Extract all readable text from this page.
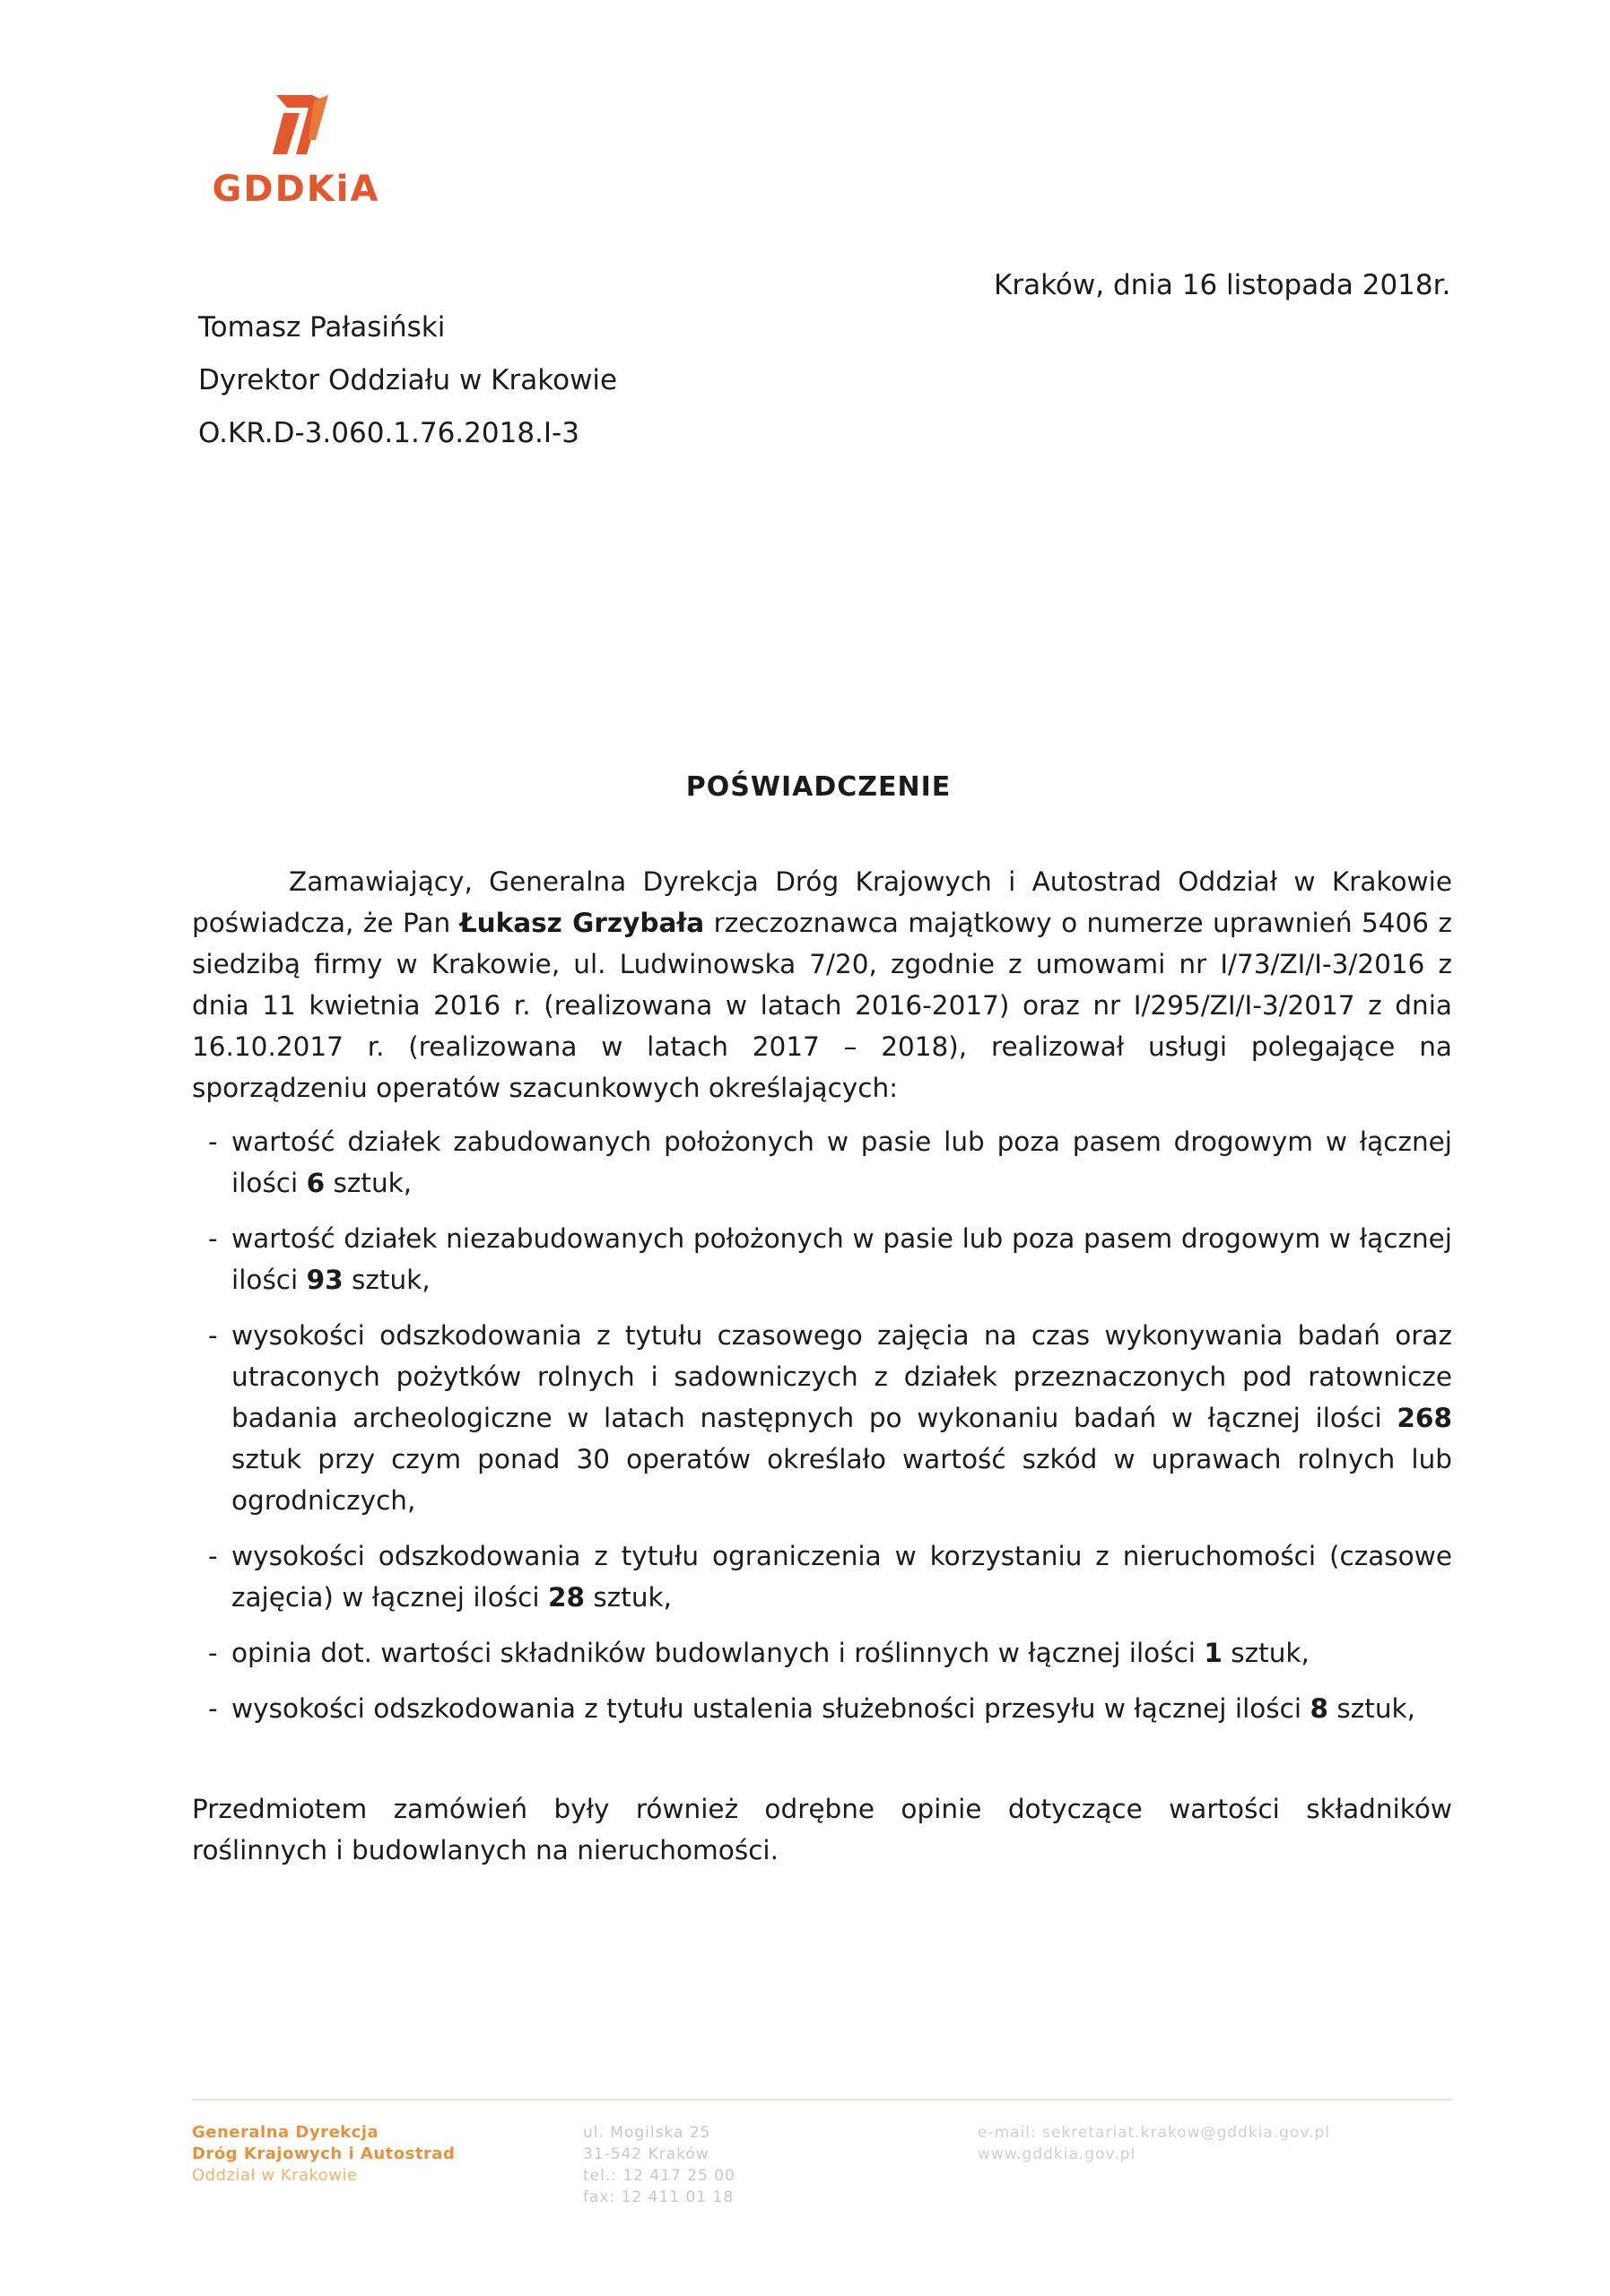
GDDKiA
Kraków, dnia 16 listopada 2018r.
Tomasz Pałasiński
Dyrektor Oddziału w Krakowie
O.KR.D-3.060.1.76.2018.I-3
POŚWIADCZENIE

Zamawiający, Generalna Dyrekcja Dróg Krajowych i Autostrad Oddział w Krakowie poświadcza, że Pan Łukasz Grzybała rzeczoznawca majątkowy o numerze uprawnień 5406 z siedzibą firmy w Krakowie, ul. Ludwinowska 7/20, zgodnie z umowami nr I/73/ZI/I-3/2016 z dnia 11 kwietnia 2016 r. (realizowana w latach 2016-2017) oraz nr I/295/ZI/I-3/2017 z dnia 16.10.2017 r. (realizowana w latach 2017 – 2018), realizował usługi polegające na sporządzeniu operatów szacunkowych określających:

- wartość działek zabudowanych położonych w pasie lub poza pasem drogowym w łącznej ilości 6 sztuk,
- wartość działek niezabudowanych położonych w pasie lub poza pasem drogowym w łącznej ilości 93 sztuk,
- wysokości odszkodowania z tytułu czasowego zajęcia na czas wykonywania badań oraz utraconych pożytków rolnych i sadowniczych z działek przeznaczonych pod ratownicze badania archeologiczne w latach następnych po wykonaniu badań w łącznej ilości 268 sztuk przy czym ponad 30 operatów określało wartość szkód w uprawach rolnych lub ogrodniczych,
- wysokości odszkodowania z tytułu ograniczenia w korzystaniu z nieruchomości (czasowe zajęcia) w łącznej ilości 28 sztuk,
- opinia dot. wartości składników budowlanych i roślinnych w łącznej ilości 1 sztuk,
- wysokości odszkodowania z tytułu ustalenia służebności przesyłu w łącznej ilości 8 sztuk,

Przedmiotem zamówień były również odrębne opinie dotyczące wartości składników roślinnych i budowlanych na nieruchomości.

Generalna Dyrekcja
Dróg Krajowych i Autostrad
Oddział w Krakowie
ul. Mogilska 25
31-542 Kraków
tel.: 12 417 25 00
fax: 12 411 01 18
e-mail: sekretariat.krakow@gddkia.gov.pl
www.gddkia.gov.pl
